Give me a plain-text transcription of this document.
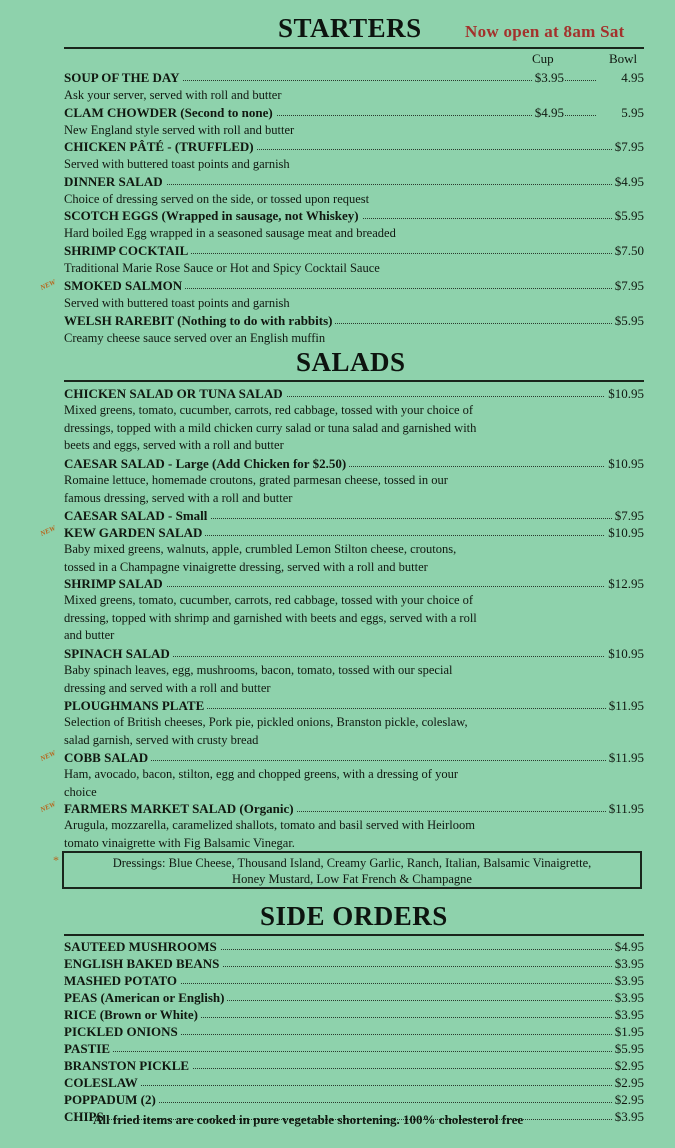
STARTERS	Now open at 8am Sat
Cup	Bowl
SOUP OF THE DAY	$3.95	4.95

Ask your server, served with roll and butter

CLAM CHOWDER (Second to none)	$4.95	5.95

New England style served with roll and butter

CHICKEN PÂTÉ - (TRUFFLED)	$7.95

Served with buttered toast points and garnish

DINNER SALAD	$4.95

Choice of dressing served on the side, or tossed upon request

SCOTCH EGGS (Wrapped in sausage, not Whiskey)	$5.95

Hard boiled Egg wrapped in a seasoned sausage meat and breaded

SHRIMP COCKTAIL	$7.50

Traditional Marie Rose Sauce or Hot and Spicy Cocktail Sauce

NEW SMOKED SALMON	$7.95

Served with buttered toast points and garnish

WELSH RAREBIT (Nothing to do with rabbits)	$5.95

Creamy cheese sauce served over an English muffin

SALADS
CHICKEN SALAD OR TUNA SALAD	$10.95

Mixed greens, tomato, cucumber, carrots, red cabbage, tossed with your choice of
dressings, topped with a mild chicken curry salad or tuna salad and garnished with
beets and eggs, served with a roll and butter

CAESAR SALAD - Large (Add Chicken for $2.50)	$10.95

Romaine lettuce, homemade croutons, grated parmesan cheese, tossed in our
famous dressing, served with a roll and butter

CAESAR SALAD - Small	$7.95
NEW KEW GARDEN SALAD	$10.95

Baby mixed greens, walnuts, apple, crumbled Lemon Stilton cheese, croutons,
tossed in a Champagne vinaigrette dressing, served with a roll and butter

SHRIMP SALAD	$12.95

Mixed greens, tomato, cucumber, carrots, red cabbage, tossed with your choice of
dressing, topped with shrimp and garnished with beets and eggs, served with a roll
and butter

SPINACH SALAD	$10.95

Baby spinach leaves, egg, mushrooms, bacon, tomato, tossed with our special
dressing and served with a roll and butter

PLOUGHMANS PLATE	$11.95

Selection of British cheeses, Pork pie, pickled onions, Branston pickle, coleslaw,
salad garnish, served with crusty bread

NEW COBB SALAD	$11.95

Ham, avocado, bacon, stilton, egg and chopped greens, with a dressing of your
choice

NEW FARMERS MARKET SALAD (Organic)	$11.95

Arugula, mozzarella, caramelized shallots, tomato and basil served with Heirloom
tomato vinaigrette with Fig Balsamic Vinegar.

*	Dressings: Blue Cheese, Thousand Island, Creamy Garlic, Ranch, Italian, Balsamic Vinaigrette,
Honey Mustard, Low Fat French & Champagne
SIDE ORDERS
SAUTEED MUSHROOMS	$4.95
ENGLISH BAKED BEANS	$3.95
MASHED POTATO	$3.95
PEAS (American or English)	$3.95
RICE (Brown or White)	$3.95
PICKLED ONIONS	$1.95
PASTIE	$5.95
BRANSTON PICKLE	$2.95
COLESLAW	$2.95
POPPADUM (2)	$2.95
CHIPS	$3.95
All fried items are cooked in pure vegetable shortening. 100% cholesterol free
